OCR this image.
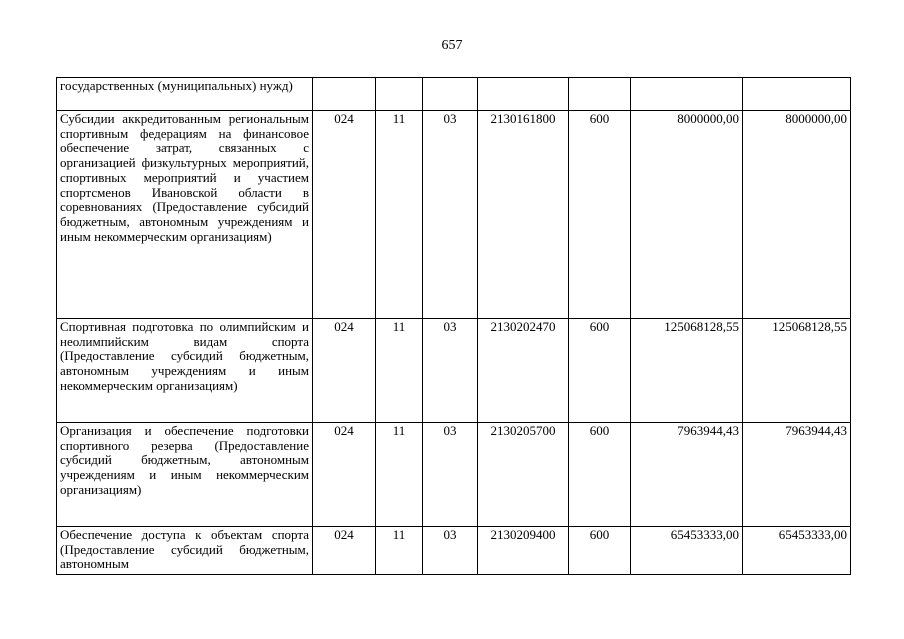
657
государственных (муниципальных) нужд)							
Субсидии аккредитованным региональным спортивным федерациям на финансовое обеспечение затрат, связанных с организацией физкультурных мероприятий, спортивных мероприятий и участием спортсменов Ивановской области в соревнованиях (Предоставление субсидий бюджетным, автономным учреждениям и иным некоммерческим организациям)	024	11	03	2130161800	600	8000000,00	8000000,00
Спортивная подготовка по олимпийским и неолимпийским видам спорта (Предоставление субсидий бюджетным, автономным учреждениям и иным некоммерческим организациям)	024	11	03	2130202470	600	125068128,55	125068128,55
Организация и обеспечение подготовки спортивного резерва (Предоставление субсидий бюджетным, автономным учреждениям и иным некоммерческим организациям)	024	11	03	2130205700	600	7963944,43	7963944,43
Обеспечение доступа к объектам спорта (Предоставление субсидий бюджетным, автономным	024	11	03	2130209400	600	65453333,00	65453333,00
